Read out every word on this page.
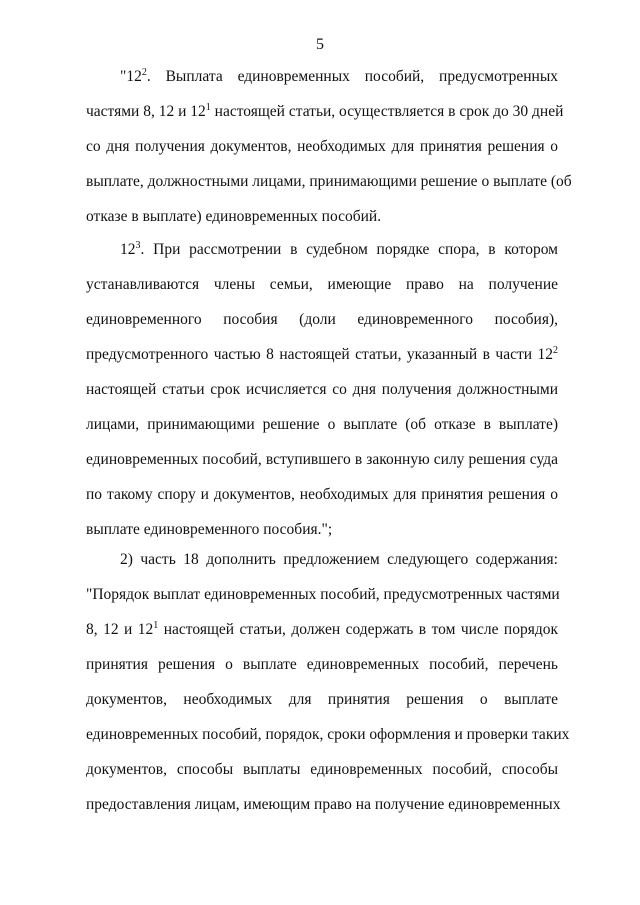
5
"$12^2$. Выплата единовременных пособий, предусмотренных
частями 8, 12 и $12^1$ настоящей статьи, осуществляется в срок до 30 дней
со дня получения документов, необходимых для принятия решения о
выплате, должностными лицами, принимающими решение о выплате (об
отказе в выплате) единовременных пособий.
$12^3$. При рассмотрении в судебном порядке спора, в котором
устанавливаются члены семьи, имеющие право на получение
единовременного пособия (доли единовременного пособия),
предусмотренного частью 8 настоящей статьи, указанный в части $12^2$
настоящей статьи срок исчисляется со дня получения должностными
лицами, принимающими решение о выплате (об отказе в выплате)
единовременных пособий, вступившего в законную силу решения суда
по такому спору и документов, необходимых для принятия решения о
выплате единовременного пособия.";
2) часть 18 дополнить предложением следующего содержания:
"Порядок выплат единовременных пособий, предусмотренных частями
8, 12 и $12^1$ настоящей статьи, должен содержать в том числе порядок
принятия решения о выплате единовременных пособий, перечень
документов, необходимых для принятия решения о выплате
единовременных пособий, порядок, сроки оформления и проверки таких
документов, способы выплаты единовременных пособий, способы
предоставления лицам, имеющим право на получение единовременных
